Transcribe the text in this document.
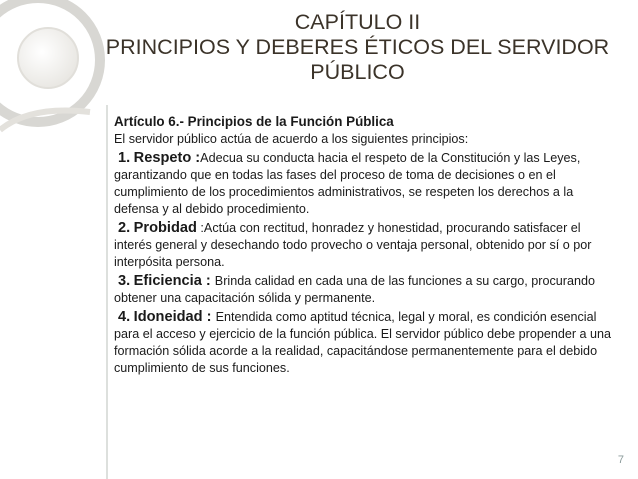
CAPÍTULO II
PRINCIPIOS Y DEBERES ÉTICOS DEL SERVIDOR
PÚBLICO
Artículo 6.- Principios de la Función Pública
El servidor público actúa de acuerdo a los siguientes principios:
1. Respeto :Adecua su conducta hacia el respeto de la Constitución y las Leyes, garantizando que en todas las fases del proceso de toma de decisiones o en el cumplimiento de los procedimientos administrativos, se respeten los derechos a la defensa y al debido procedimiento.
2. Probidad :Actúa con rectitud, honradez y honestidad, procurando satisfacer el interés general y desechando todo provecho o ventaja personal, obtenido por sí o por interpósita persona.
3. Eficiencia : Brinda calidad en cada una de las funciones a su cargo, procurando obtener una capacitación sólida y permanente.
4. Idoneidad : Entendida como aptitud técnica, legal y moral, es condición esencial para el acceso y ejercicio de la función pública. El servidor público debe propender a una formación sólida acorde a la realidad, capacitándose permanentemente para el debido cumplimiento de sus funciones.
7
